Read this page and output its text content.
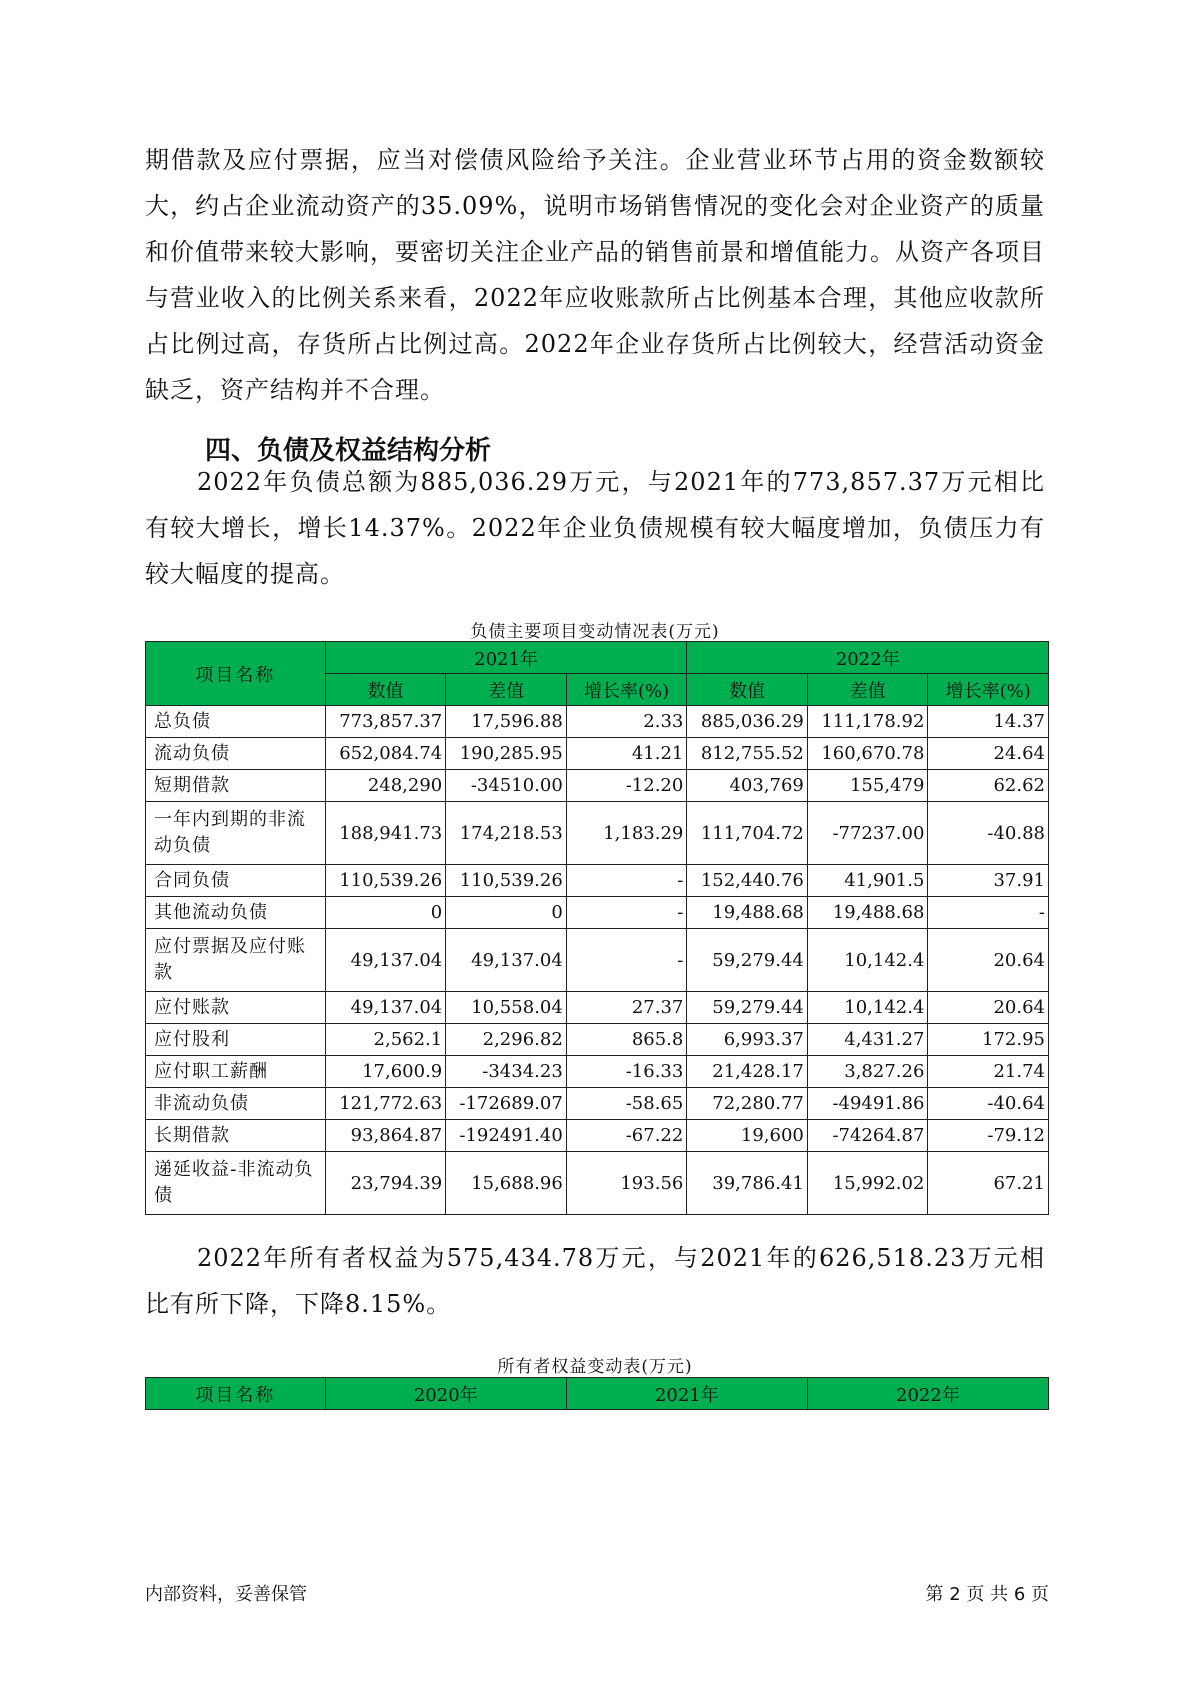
期借款及应付票据，应当对偿债风险给予关注。企业营业环节占用的资金数额较大，约占企业流动资产的35.09%，说明市场销售情况的变化会对企业资产的质量和价值带来较大影响，要密切关注企业产品的销售前景和增值能力。从资产各项目与营业收入的比例关系来看，2022年应收账款所占比例基本合理，其他应收款所占比例过高，存货所占比例过高。2022年企业存货所占比例较大，经营活动资金缺乏，资产结构并不合理。

四、负债及权益结构分析

2022年负债总额为885,036.29万元，与2021年的773,857.37万元相比有较大增长，增长14.37%。2022年企业负债规模有较大幅度增加，负债压力有较大幅度的提高。

负债主要项目变动情况表(万元)
项目名称	2021年			2022年		
	数值	差值	增长率(%)	数值	差值	增长率(%)
总负债	773,857.37	17,596.88	2.33	885,036.29	111,178.92	14.37
流动负债	652,084.74	190,285.95	41.21	812,755.52	160,670.78	24.64
短期借款	248,290	-34510.00	-12.20	403,769	155,479	62.62
一年内到期的非流动负债	188,941.73	174,218.53	1,183.29	111,704.72	-77237.00	-40.88
合同负债	110,539.26	110,539.26	-	152,440.76	41,901.5	37.91
其他流动负债	0	0	-	19,488.68	19,488.68	-
应付票据及应付账款	49,137.04	49,137.04	-	59,279.44	10,142.4	20.64
应付账款	49,137.04	10,558.04	27.37	59,279.44	10,142.4	20.64
应付股利	2,562.1	2,296.82	865.8	6,993.37	4,431.27	172.95
应付职工薪酬	17,600.9	-3434.23	-16.33	21,428.17	3,827.26	21.74
非流动负债	121,772.63	-172689.07	-58.65	72,280.77	-49491.86	-40.64
长期借款	93,864.87	-192491.40	-67.22	19,600	-74264.87	-79.12
递延收益-非流动负债	23,794.39	15,688.96	193.56	39,786.41	15,992.02	67.21

2022年所有者权益为575,434.78万元，与2021年的626,518.23万元相比有所下降，下降8.15%。

所有者权益变动表(万元)
项目名称	2020年	2021年	2022年
内部资料，妥善保管	第 2 页 共 6 页
